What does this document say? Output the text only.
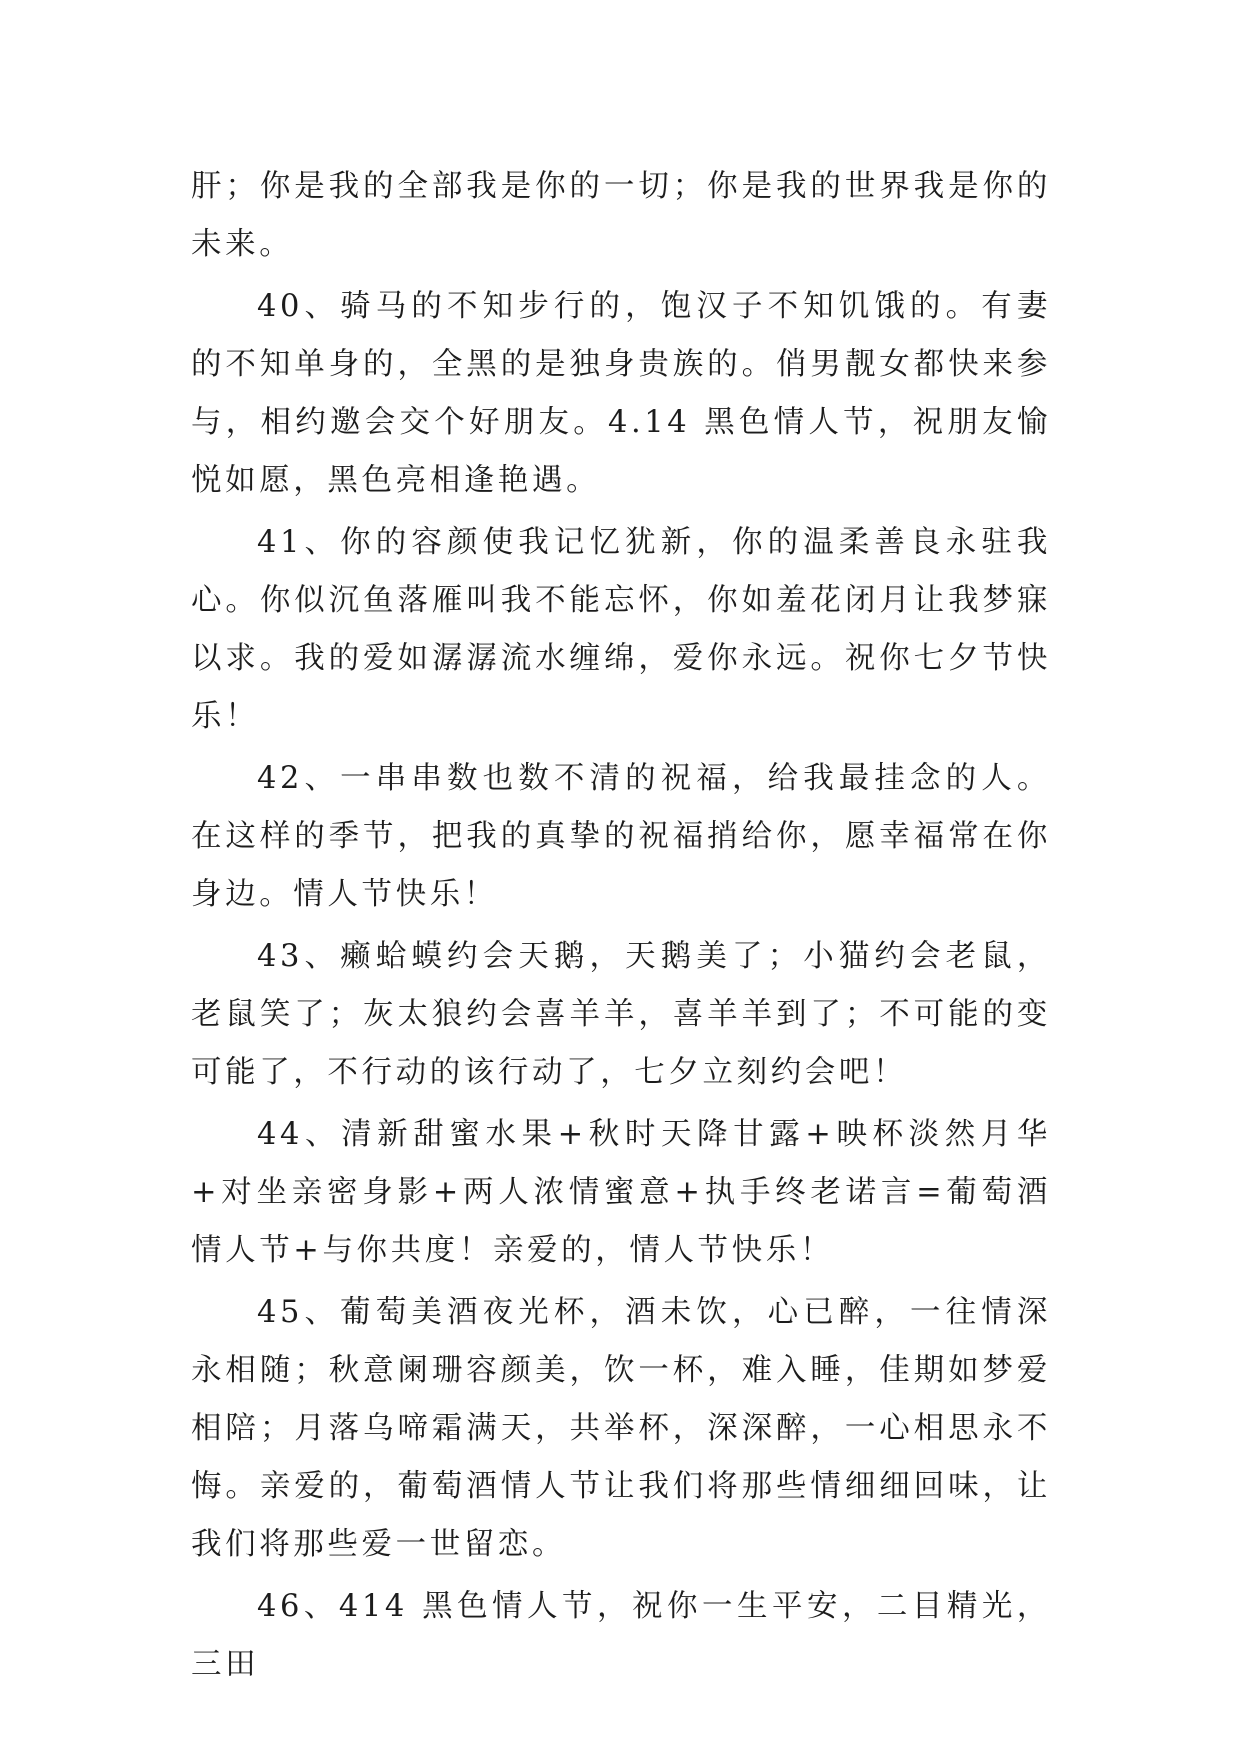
肝；你是我的全部我是你的一切；你是我的世界我是你的未来。

40、骑马的不知步行的，饱汉子不知饥饿的。有妻的不知单身的，全黑的是独身贵族的。俏男靓女都快来参与，相约邀会交个好朋友。4.14 黑色情人节，祝朋友愉悦如愿，黑色亮相逢艳遇。

41、你的容颜使我记忆犹新，你的温柔善良永驻我心。你似沉鱼落雁叫我不能忘怀，你如羞花闭月让我梦寐以求。我的爱如潺潺流水缠绵，爱你永远。祝你七夕节快乐！

42、一串串数也数不清的祝福，给我最挂念的人。在这样的季节，把我的真挚的祝福捎给你，愿幸福常在你身边。情人节快乐！

43、癞蛤蟆约会天鹅，天鹅美了；小猫约会老鼠，老鼠笑了；灰太狼约会喜羊羊，喜羊羊到了；不可能的变可能了，不行动的该行动了，七夕立刻约会吧！

44、清新甜蜜水果+秋时天降甘露+映杯淡然月华+对坐亲密身影+两人浓情蜜意+执手终老诺言=葡萄酒情人节+与你共度！亲爱的，情人节快乐！

45、葡萄美酒夜光杯，酒未饮，心已醉，一往情深永相随；秋意阑珊容颜美，饮一杯，难入睡，佳期如梦爱相陪；月落乌啼霜满天，共举杯，深深醉，一心相思永不悔。亲爱的，葡萄酒情人节让我们将那些情细细回味，让我们将那些爱一世留恋。

46、414 黑色情人节，祝你一生平安，二目精光，三田
